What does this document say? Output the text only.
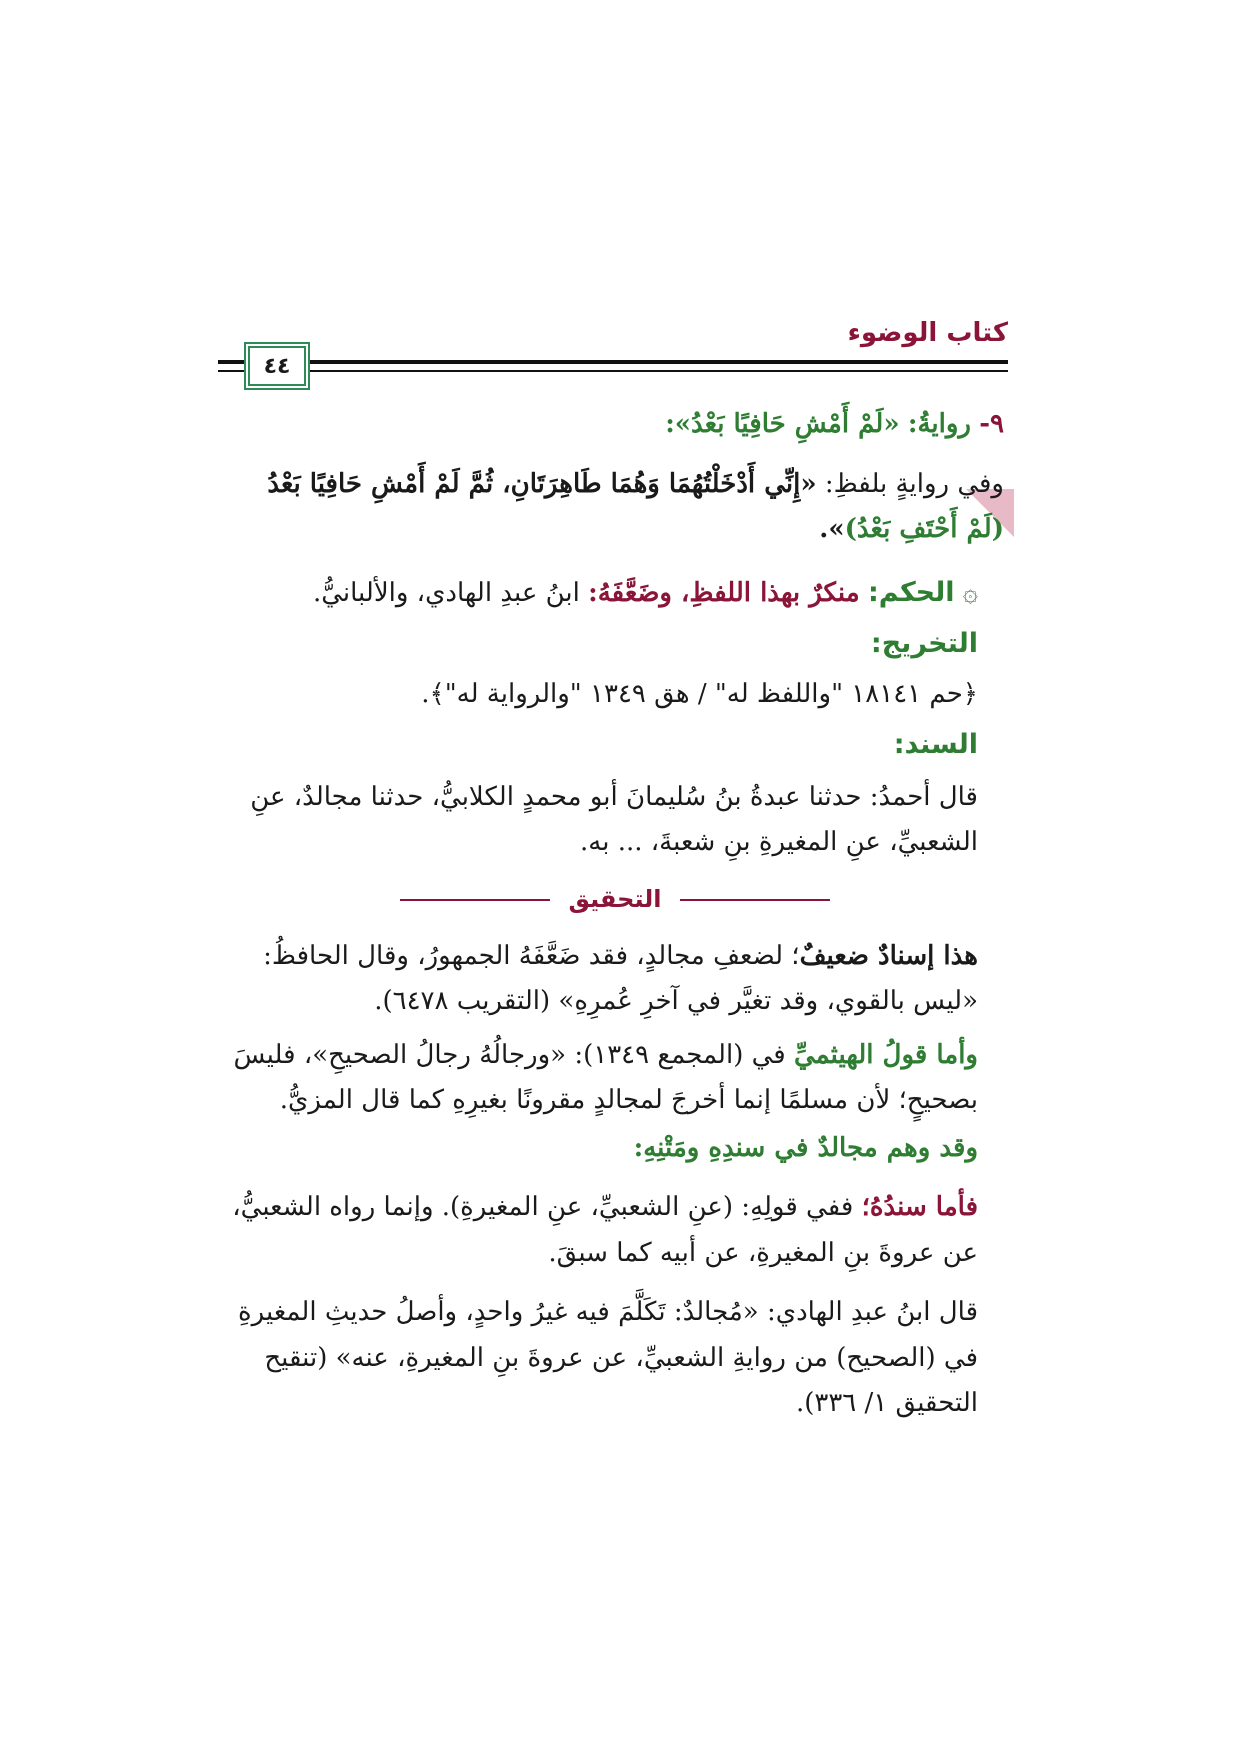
كتاب الوضوء
٤٤

٩- روايةُ: «لَمْ أَمْشِ حَافِيًا بَعْدُ»:

وفي روايةٍ بلفظِ: «إِنِّي أَدْخَلْتُهُمَا وَهُمَا طَاهِرَتَانِ، ثُمَّ لَمْ أَمْشِ حَافِيًا بَعْدُ (لَمْ أَحْتَفِ بَعْدُ)».

۞ الحكم: منكرٌ بهذا اللفظِ، وضَعَّفَهُ: ابنُ عبدِ الهادي، والألبانيُّ.

التخريج:

﴿حم ١٨١٤١ "واللفظ له" / هق ١٣٤٩ "والرواية له"﴾.

السند:

قال أحمدُ: حدثنا عبدةُ بنُ سُليمانَ أبو محمدٍ الكلابيُّ، حدثنا مجالدٌ، عنِ الشعبيِّ، عنِ المغيرةِ بنِ شعبةَ، ... به.

التحقيق

هذا إسنادٌ ضعيفٌ؛ لضعفِ مجالدٍ، فقد ضَعَّفَهُ الجمهورُ، وقال الحافظُ: «ليس بالقوي، وقد تغيَّر في آخرِ عُمرِهِ» (التقريب ٦٤٧٨).

وأما قولُ الهيثميِّ في (المجمع ١٣٤٩): «ورجالُهُ رجالُ الصحيحِ»، فليسَ بصحيحٍ؛ لأن مسلمًا إنما أخرجَ لمجالدٍ مقرونًا بغيرِهِ كما قال المزيُّ.

وقد وهم مجالدٌ في سندِهِ ومَتْنِهِ:

فأما سندُهُ؛ ففي قولِهِ: (عنِ الشعبيِّ، عنِ المغيرةِ). وإنما رواه الشعبيُّ، عن عروةَ بنِ المغيرةِ، عن أبيه كما سبقَ.

قال ابنُ عبدِ الهادي: «مُجالدٌ: تَكَلَّمَ فيه غيرُ واحدٍ، وأصلُ حديثِ المغيرةِ في (الصحيح) من روايةِ الشعبيِّ، عن عروةَ بنِ المغيرةِ، عنه» (تنقيح التحقيق ١/ ٣٣٦).
